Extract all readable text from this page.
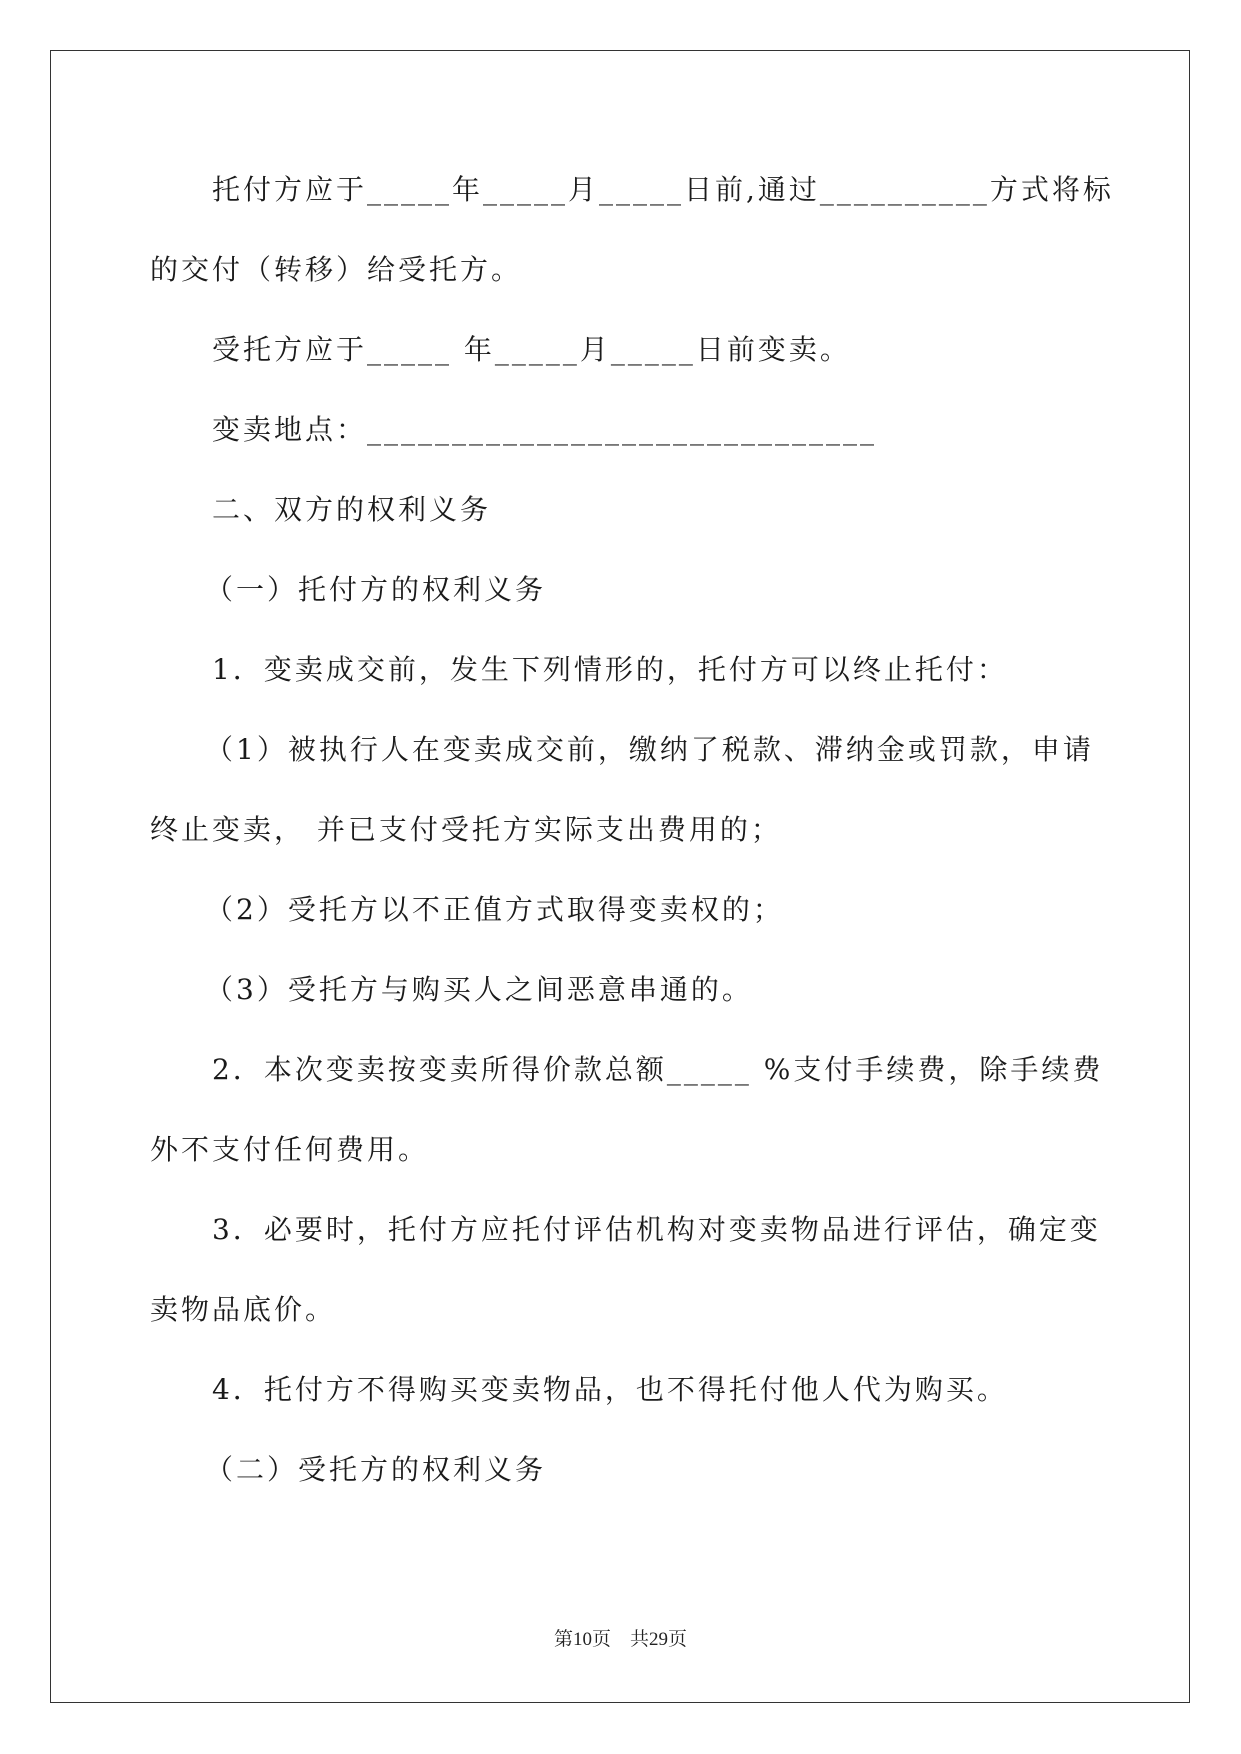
托付方应于_____年_____月_____日前,通过__________方式将标
的交付（转移）给受托方。
受托方应于_____ 年_____月_____日前变卖。
变卖地点：______________________________
二、双方的权利义务
（一）托付方的权利义务
1．变卖成交前，发生下列情形的，托付方可以终止托付：
（1）被执行人在变卖成交前，缴纳了税款、滞纳金或罚款，申请
终止变卖， 并已支付受托方实际支出费用的；
（2）受托方以不正值方式取得变卖权的；
（3）受托方与购买人之间恶意串通的。
2．本次变卖按变卖所得价款总额_____ %支付手续费，除手续费
外不支付任何费用。
3．必要时，托付方应托付评估机构对变卖物品进行评估，确定变
卖物品底价。
4．托付方不得购买变卖物品，也不得托付他人代为购买。
（二）受托方的权利义务
第10页　共29页
